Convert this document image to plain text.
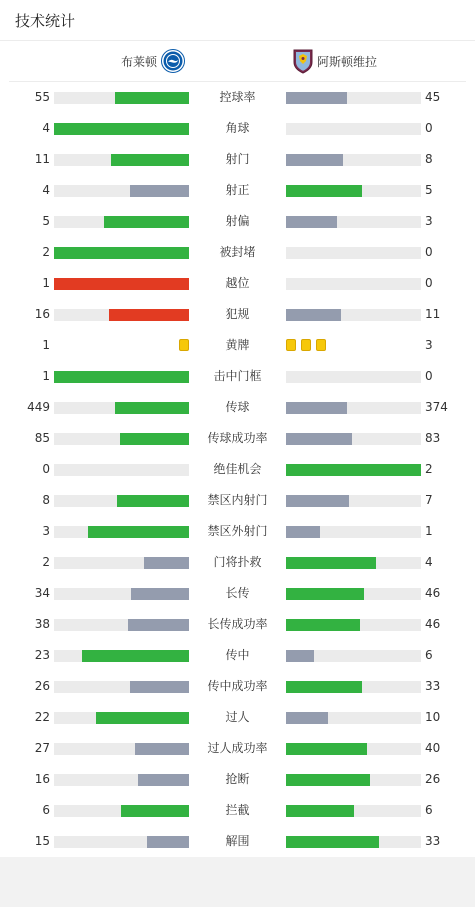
技术统计
布莱顿	阿斯顿维拉
55	控球率	45
4	角球	0
11	射门	8
4	射正	5
5	射偏	3
2	被封堵	0
1	越位	0
16	犯规	11
1	黄牌	3
1	击中门框	0
449	传球	374
85	传球成功率	83
0	绝佳机会	2
8	禁区内射门	7
3	禁区外射门	1
2	门将扑救	4
34	长传	46
38	长传成功率	46
23	传中	6
26	传中成功率	33
22	过人	10
27	过人成功率	40
16	抢断	26
6	拦截	6
15	解围	33
